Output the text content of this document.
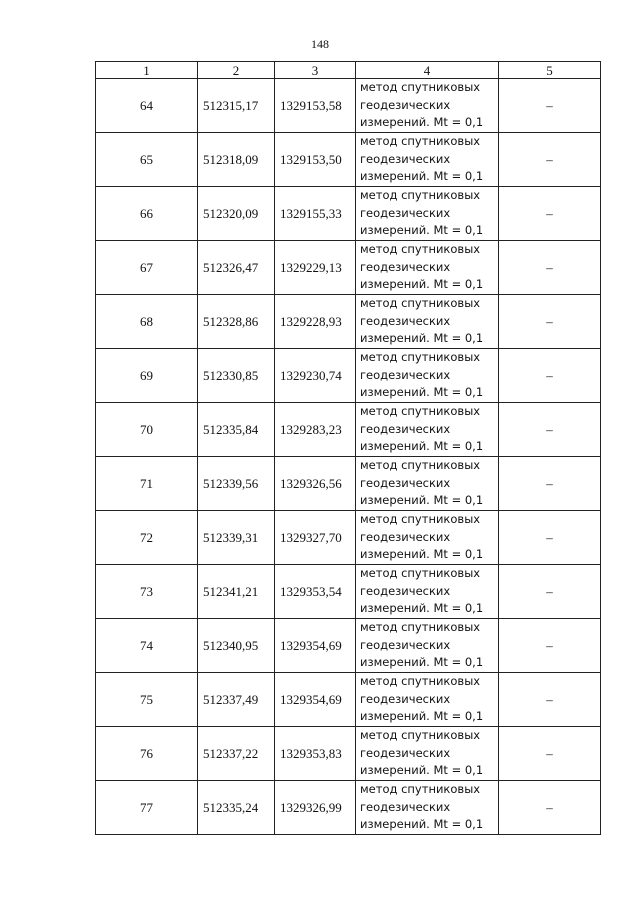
148
1	2	3	4	5
64	512315,17	1329153,58	метод спутниковых
геодезических
измерений. Mt = 0,1	–
65	512318,09	1329153,50	метод спутниковых
геодезических
измерений. Mt = 0,1	–
66	512320,09	1329155,33	метод спутниковых
геодезических
измерений. Mt = 0,1	–
67	512326,47	1329229,13	метод спутниковых
геодезических
измерений. Mt = 0,1	–
68	512328,86	1329228,93	метод спутниковых
геодезических
измерений. Mt = 0,1	–
69	512330,85	1329230,74	метод спутниковых
геодезических
измерений. Mt = 0,1	–
70	512335,84	1329283,23	метод спутниковых
геодезических
измерений. Mt = 0,1	–
71	512339,56	1329326,56	метод спутниковых
геодезических
измерений. Mt = 0,1	–
72	512339,31	1329327,70	метод спутниковых
геодезических
измерений. Mt = 0,1	–
73	512341,21	1329353,54	метод спутниковых
геодезических
измерений. Mt = 0,1	–
74	512340,95	1329354,69	метод спутниковых
геодезических
измерений. Mt = 0,1	–
75	512337,49	1329354,69	метод спутниковых
геодезических
измерений. Mt = 0,1	–
76	512337,22	1329353,83	метод спутниковых
геодезических
измерений. Mt = 0,1	–
77	512335,24	1329326,99	метод спутниковых
геодезических
измерений. Mt = 0,1	–
